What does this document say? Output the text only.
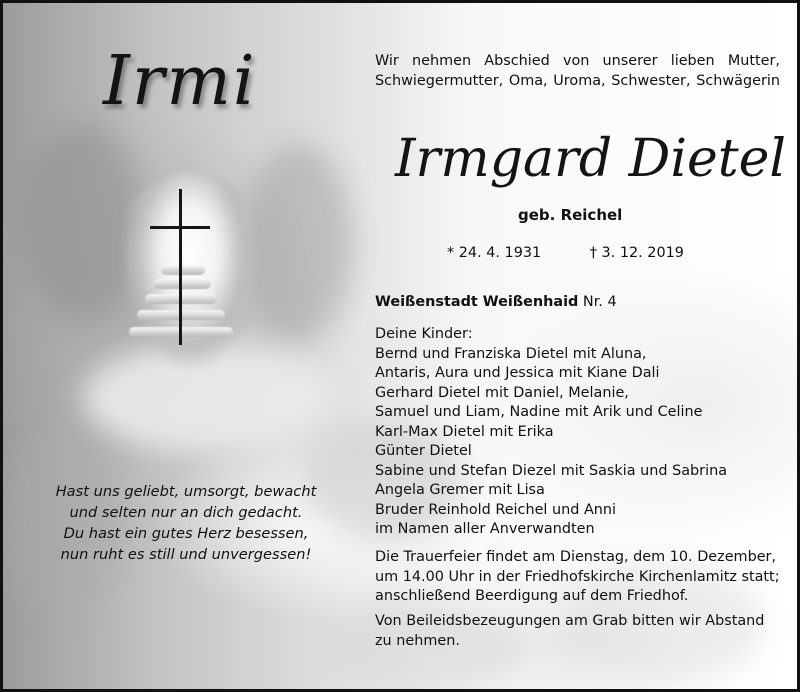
Irmi
Hast uns geliebt, umsorgt, bewacht
und selten nur an dich gedacht.
Du hast ein gutes Herz besessen,
nun ruht es still und unvergessen!
Wir nehmen Abschied von unserer lieben Mutter,
Schwiegermutter, Oma, Uroma, Schwester, Schwägerin
Irmgard Dietel
geb. Reichel
* 24. 4. 1931	† 3. 12. 2019
Weißenstadt Weißenhaid Nr. 4
Deine Kinder:
Bernd und Franziska Dietel mit Aluna,
Antaris, Aura und Jessica mit Kiane Dali
Gerhard Dietel mit Daniel, Melanie,
Samuel und Liam, Nadine mit Arik und Celine
Karl-Max Dietel mit Erika
Günter Dietel
Sabine und Stefan Diezel mit Saskia und Sabrina
Angela Gremer mit Lisa
Bruder Reinhold Reichel und Anni
im Namen aller Anverwandten
Die Trauerfeier findet am Dienstag, dem 10. Dezember,
um 14.00 Uhr in der Friedhofskirche Kirchenlamitz statt;
anschließend Beerdigung auf dem Friedhof.
Von Beileidsbezeugungen am Grab bitten wir Abstand
zu nehmen.
